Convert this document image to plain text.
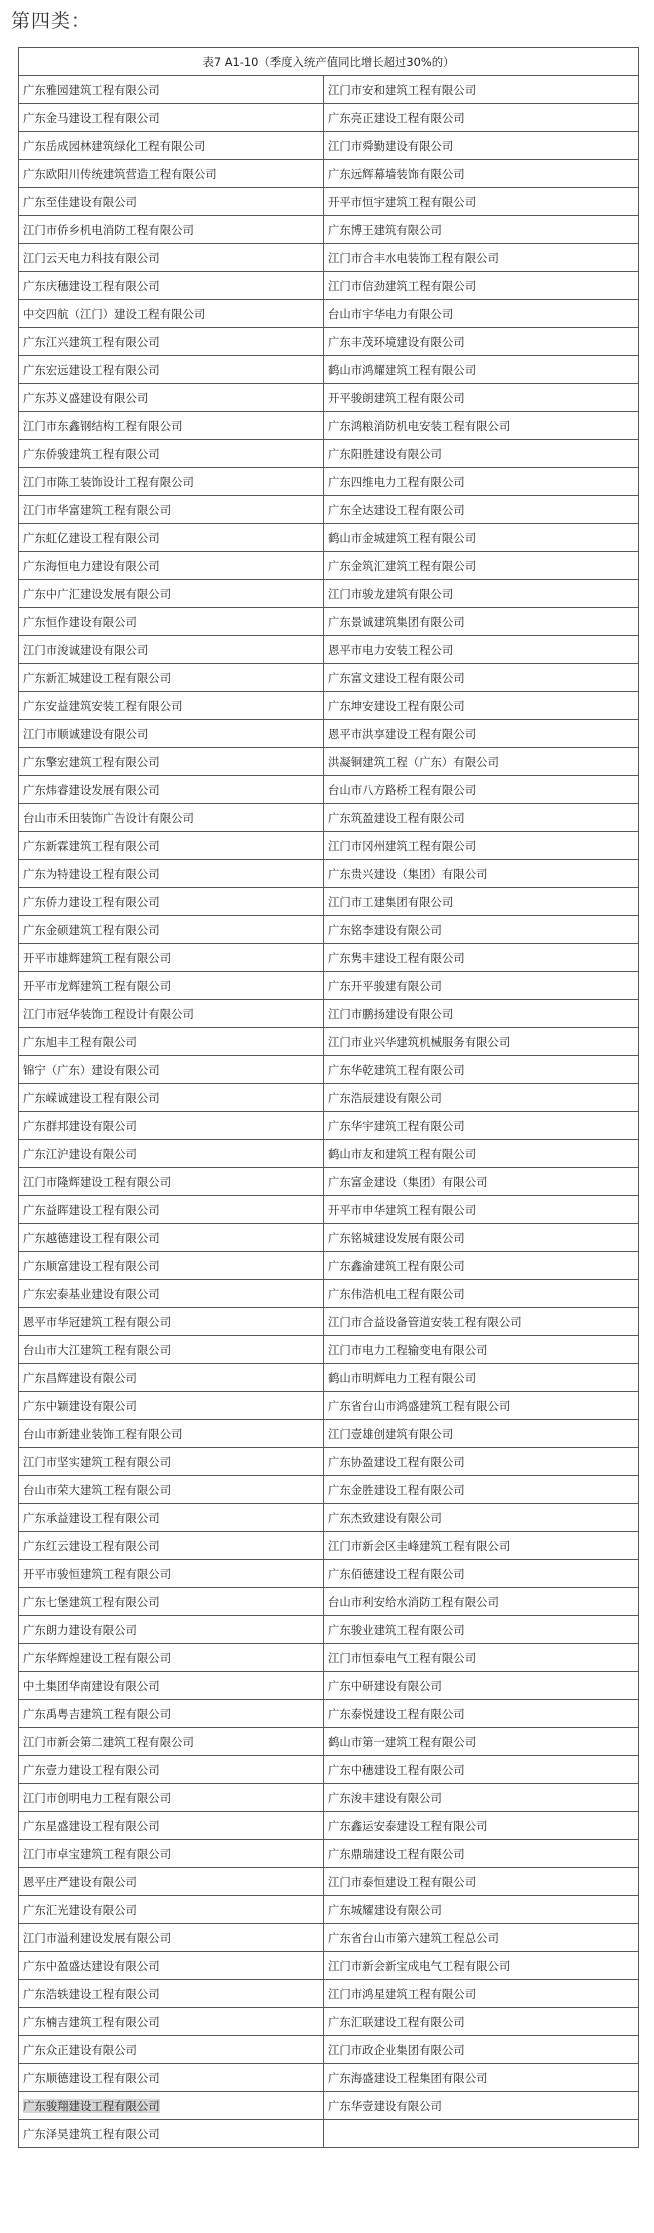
第四类：
表7 A1-10（季度入统产值同比增长超过30%的）	
广东雅园建筑工程有限公司	江门市安和建筑工程有限公司
广东金马建设工程有限公司	广东亮正建设工程有限公司
广东岳成园林建筑绿化工程有限公司	江门市舜勤建设有限公司
广东欧阳川传统建筑营造工程有限公司	广东远辉幕墙装饰有限公司
广东至佳建设有限公司	开平市恒宇建筑工程有限公司
江门市侨乡机电消防工程有限公司	广东博王建筑有限公司
江门云天电力科技有限公司	江门市合丰水电装饰工程有限公司
广东庆穗建设工程有限公司	江门市信劲建筑工程有限公司
中交四航（江门）建设工程有限公司	台山市宇华电力有限公司
广东江兴建筑工程有限公司	广东丰茂环境建设有限公司
广东宏远建设工程有限公司	鹤山市鸿耀建筑工程有限公司
广东苏义盛建设有限公司	开平骏朗建筑工程有限公司
江门市东鑫钢结构工程有限公司	广东鸿粮消防机电安装工程有限公司
广东侨骏建筑工程有限公司	广东阳胜建设有限公司
江门市陈工装饰设计工程有限公司	广东四维电力工程有限公司
江门市华富建筑工程有限公司	广东全达建设工程有限公司
广东虹亿建设工程有限公司	鹤山市金城建筑工程有限公司
广东海恒电力建设有限公司	广东金筑汇建筑工程有限公司
广东中广汇建设发展有限公司	江门市骏龙建筑有限公司
广东恒作建设有限公司	广东景诚建筑集团有限公司
江门市浚诚建设有限公司	恩平市电力安装工程公司
广东新汇城建设工程有限公司	广东富文建设工程有限公司
广东安益建筑安装工程有限公司	广东坤安建设工程有限公司
江门市顺诚建设有限公司	恩平市洪享建设工程有限公司
广东擎宏建筑工程有限公司	洪凝铜建筑工程（广东）有限公司
广东炜睿建设发展有限公司	台山市八方路桥工程有限公司
台山市禾田装饰广告设计有限公司	广东筑盈建设工程有限公司
广东新霖建筑工程有限公司	江门市冈州建筑工程有限公司
广东为特建设工程有限公司	广东贵兴建设（集团）有限公司
广东侨力建设工程有限公司	江门市工建集团有限公司
广东金硕建筑工程有限公司	广东铭李建设有限公司
开平市雄辉建筑工程有限公司	广东隽丰建设工程有限公司
开平市龙辉建筑工程有限公司	广东开平骏建有限公司
江门市冠华装饰工程设计有限公司	江门市鹏扬建设有限公司
广东旭丰工程有限公司	江门市业兴华建筑机械服务有限公司
锦宁（广东）建设有限公司	广东华乾建筑工程有限公司
广东嵘诚建设工程有限公司	广东浩辰建设有限公司
广东群邦建设有限公司	广东华宇建筑工程有限公司
广东江沪建设有限公司	鹤山市友和建筑工程有限公司
江门市隆辉建设工程有限公司	广东富金建设（集团）有限公司
广东益晖建设工程有限公司	开平市申华建筑工程有限公司
广东越德建设工程有限公司	广东铭城建设发展有限公司
广东顺富建设工程有限公司	广东鑫渝建筑工程有限公司
广东宏泰基业建设有限公司	广东伟浩机电工程有限公司
恩平市华冠建筑工程有限公司	江门市合益设备管道安装工程有限公司
台山市大江建筑工程有限公司	江门市电力工程输变电有限公司
广东昌辉建设有限公司	鹤山市明辉电力工程有限公司
广东中颖建设有限公司	广东省台山市鸿盛建筑工程有限公司
台山市新建业装饰工程有限公司	江门壹雄创建筑有限公司
江门市坚实建筑工程有限公司	广东协盈建设工程有限公司
台山市荣大建筑工程有限公司	广东金胜建设工程有限公司
广东承益建设工程有限公司	广东杰致建设有限公司
广东红云建设工程有限公司	江门市新会区圭峰建筑工程有限公司
开平市骏恒建筑工程有限公司	广东佰德建设工程有限公司
广东七堡建筑工程有限公司	台山市利安给水消防工程有限公司
广东朗力建设有限公司	广东骏业建筑工程有限公司
广东华辉煌建设工程有限公司	江门市恒泰电气工程有限公司
中土集团华南建设有限公司	广东中研建设有限公司
广东禹粤吉建筑工程有限公司	广东泰悦建设工程有限公司
江门市新会第二建筑工程有限公司	鹤山市第一建筑工程有限公司
广东壹力建设工程有限公司	广东中穗建设工程有限公司
江门市创明电力工程有限公司	广东浚丰建设有限公司
广东星盛建设工程有限公司	广东鑫运安泰建设工程有限公司
江门市卓宝建筑工程有限公司	广东鼎瑞建设工程有限公司
恩平庄严建设有限公司	江门市泰恒建设工程有限公司
广东汇光建设有限公司	广东城耀建设有限公司
江门市溢利建设发展有限公司	广东省台山市第六建筑工程总公司
广东中盈盛达建设有限公司	江门市新会新宝成电气工程有限公司
广东浩轶建设工程有限公司	江门市鸿星建筑工程有限公司
广东楠吉建筑工程有限公司	广东汇联建设工程有限公司
广东众正建设有限公司	江门市政企业集团有限公司
广东顺德建设工程有限公司	广东海盛建设工程集团有限公司
广东骏翔建设工程有限公司	广东华壹建设有限公司
广东泽昊建筑工程有限公司	
